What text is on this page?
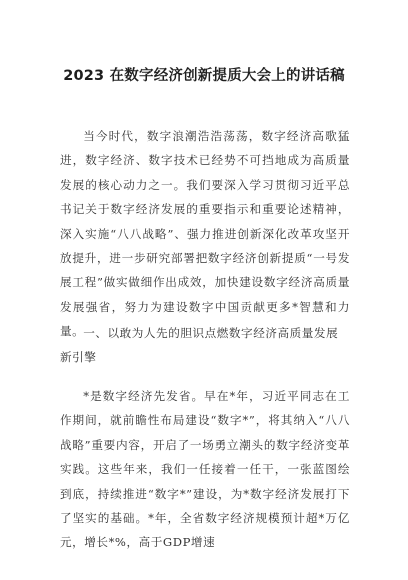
2023 在数字经济创新提质大会上的讲话稿

当今时代，数字浪潮浩浩荡荡，数字经济高歌猛进，数字经济、数字技术已经势不可挡地成为高质量发展的核心动力之一。我们要深入学习贯彻习近平总书记关于数字经济发展的重要指示和重要论述精神，深入实施“八八战略”、强力推进创新深化改革攻坚开放提升，进一步研究部署把数字经济创新提质“一号发展工程”做实做细作出成效，加快建设数字经济高质量发展强省，努力为建设数字中国贡献更多*智慧和力量。

一、以敢为人先的胆识点燃数字经济高质量发展新引擎

*是数字经济先发省。早在*年，习近平同志在工作期间，就前瞻性布局建设“数字*”，将其纳入“八八战略”重要内容，开启了一场勇立潮头的数字经济变革实践。这些年来，我们一任接着一任干，一张蓝图绘到底，持续推进“数字*”建设，为*数字经济发展打下了坚实的基础。*年，全省数字经济规模预计超*万亿元，增长*%，高于GDP增速
